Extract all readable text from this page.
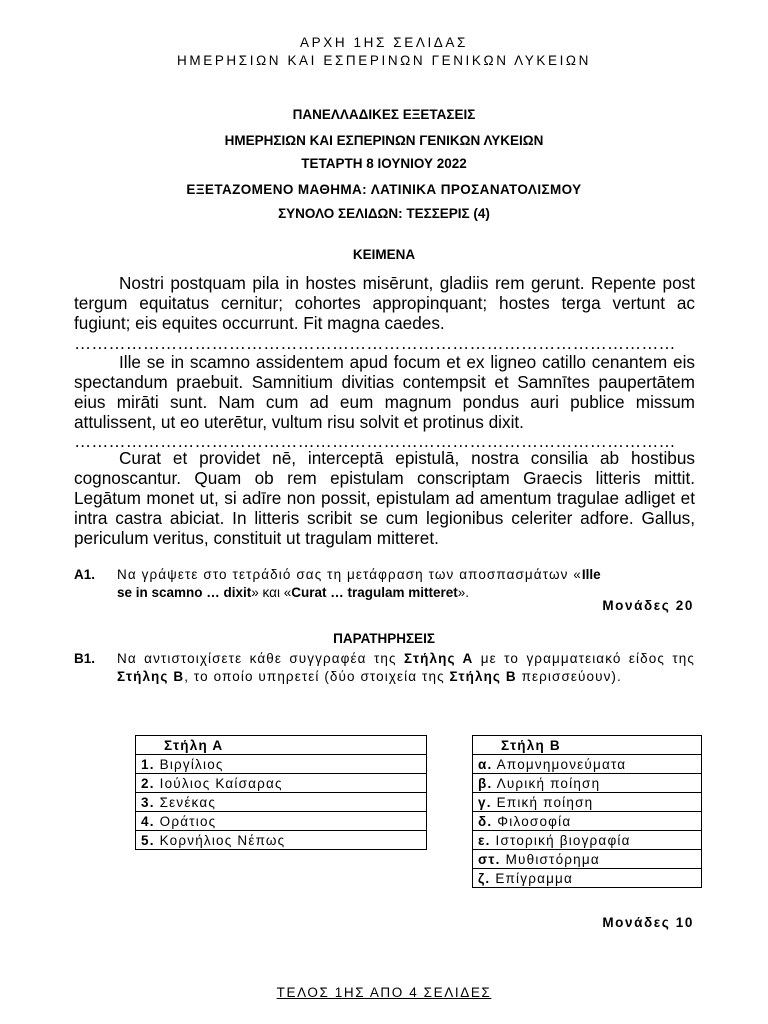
ΑΡΧΗ 1ΗΣ ΣΕΛΙΔΑΣ
ΗΜΕΡΗΣΙΩΝ ΚΑΙ ΕΣΠΕΡΙΝΩΝ ΓΕΝΙΚΩΝ ΛΥΚΕΙΩΝ
ΠΑΝΕΛΛΑΔΙΚΕΣ ΕΞΕΤΑΣΕΙΣ
ΗΜΕΡΗΣΙΩΝ ΚΑΙ ΕΣΠΕΡΙΝΩΝ ΓΕΝΙΚΩΝ ΛΥΚΕΙΩΝ
ΤΕΤΑΡΤΗ 8 ΙΟΥΝΙΟΥ 2022
ΕΞΕΤΑΖΟΜΕΝΟ ΜΑΘΗΜΑ: ΛΑΤΙΝΙΚΑ ΠΡΟΣΑΝΑΤΟΛΙΣΜΟΥ
ΣΥΝΟΛΟ ΣΕΛΙΔΩΝ: ΤΕΣΣΕΡΙΣ (4)
ΚΕΙΜΕΝΑ

Nostri postquam pila in hostes misērunt, gladiis rem gerunt. Repente post tergum equitatus cernitur; cohortes appropinquant; hostes terga vertunt ac fugiunt; eis equites occurrunt. Fit magna caedes.

……………………………………………………………………………………………

Ille se in scamno assidentem apud focum et ex ligneo catillo cenantem eis spectandum praebuit. Samnitium divitias contempsit et Samnītes paupertātem eius mirāti sunt. Nam cum ad eum magnum pondus auri publice missum attulissent, ut eo uterētur, vultum risu solvit et protinus dixit.

……………………………………………………………………………………………

Curat et providet nē, interceptā epistulā, nostra consilia ab hostibus cognoscantur. Quam ob rem epistulam conscriptam Graecis litteris mittit. Legātum monet ut, si adīre non possit, epistulam ad amentum tragulae adliget et intra castra abiciat. In litteris scribit se cum legionibus celeriter adfore. Gallus, periculum veritus, constituit ut tragulam mitteret.

Α1. Να γράψετε στο τετράδιό σας τη μετάφραση των αποσπασμάτων «Ille
se in scamno … dixit» και «Curat … tragulam mitteret».
Μονάδες 20
ΠΑΡΑΤΗΡΗΣΕΙΣ
Β1. Να αντιστοιχίσετε κάθε συγγραφέα της Στήλης Α με το γραμματειακό είδος της Στήλης Β, το οποίο υπηρετεί (δύο στοιχεία της Στήλης Β περισσεύουν).
Στήλη Α		Στήλη Β
1. Βιργίλιος		α. Απομνημονεύματα
2. Ιούλιος Καίσαρας		β. Λυρική ποίηση
3. Σενέκας		γ. Επική ποίηση
4. Οράτιος		δ. Φιλοσοφία
5. Κορνήλιος Νέπως		ε. Ιστορική βιογραφία
		στ. Μυθιστόρημα
		ζ. Επίγραμμα
Μονάδες 10
ΤΕΛΟΣ 1ΗΣ ΑΠΟ 4 ΣΕΛΙΔΕΣ
